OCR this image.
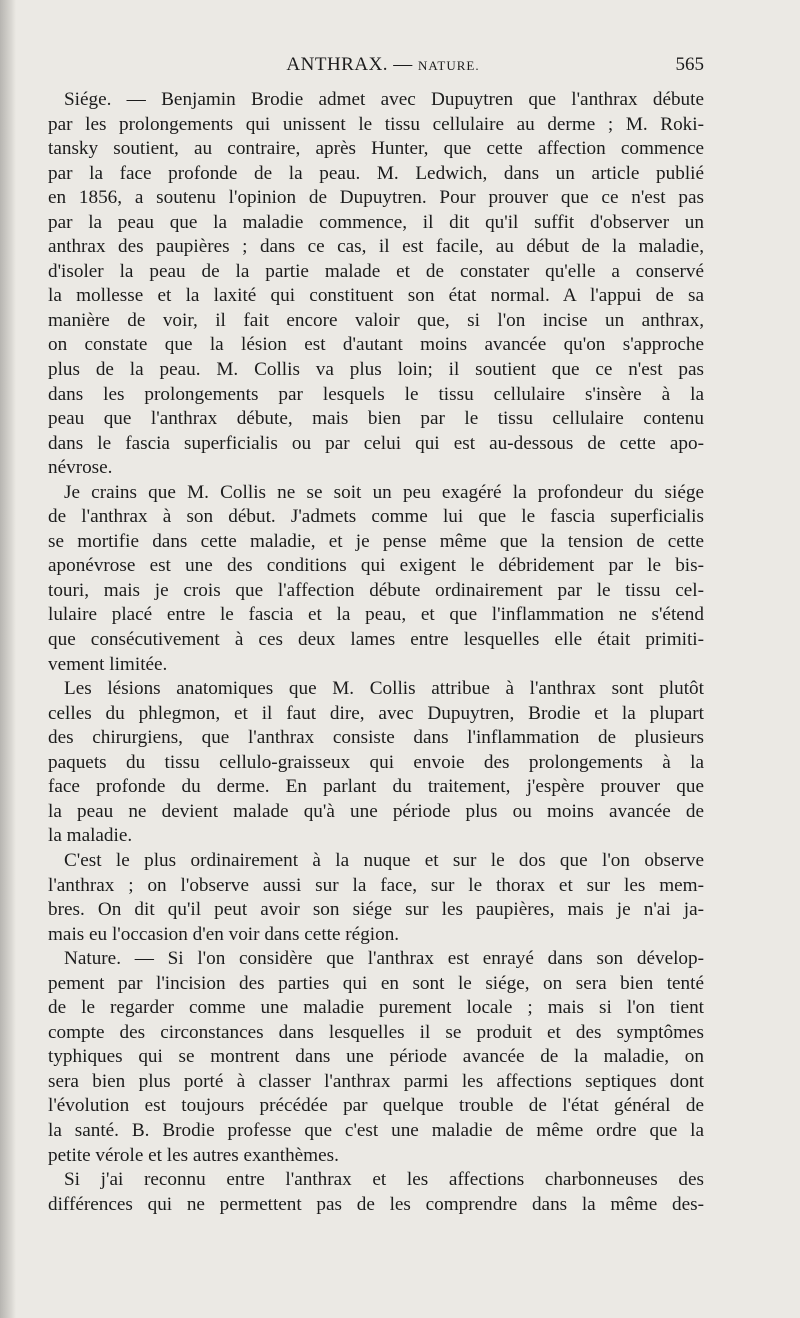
ANTHRAX. — NATURE.	565
Siége. — Benjamin Brodie admet avec Dupuytren que l'anthrax débute
par les prolongements qui unissent le tissu cellulaire au derme ; M. Roki-
tansky soutient, au contraire, après Hunter, que cette affection commence
par la face profonde de la peau. M. Ledwich, dans un article publié
en 1856, a soutenu l'opinion de Dupuytren. Pour prouver que ce n'est pas
par la peau que la maladie commence, il dit qu'il suffit d'observer un
anthrax des paupières ; dans ce cas, il est facile, au début de la maladie,
d'isoler la peau de la partie malade et de constater qu'elle a conservé
la mollesse et la laxité qui constituent son état normal. A l'appui de sa
manière de voir, il fait encore valoir que, si l'on incise un anthrax,
on constate que la lésion est d'autant moins avancée qu'on s'approche
plus de la peau. M. Collis va plus loin; il soutient que ce n'est pas
dans les prolongements par lesquels le tissu cellulaire s'insère à la
peau que l'anthrax débute, mais bien par le tissu cellulaire contenu
dans le fascia superficialis ou par celui qui est au-dessous de cette apo-
névrose.
Je crains que M. Collis ne se soit un peu exagéré la profondeur du siége
de l'anthrax à son début. J'admets comme lui que le fascia superficialis
se mortifie dans cette maladie, et je pense même que la tension de cette
aponévrose est une des conditions qui exigent le débridement par le bis-
touri, mais je crois que l'affection débute ordinairement par le tissu cel-
lulaire placé entre le fascia et la peau, et que l'inflammation ne s'étend
que consécutivement à ces deux lames entre lesquelles elle était primiti-
vement limitée.
Les lésions anatomiques que M. Collis attribue à l'anthrax sont plutôt
celles du phlegmon, et il faut dire, avec Dupuytren, Brodie et la plupart
des chirurgiens, que l'anthrax consiste dans l'inflammation de plusieurs
paquets du tissu cellulo-graisseux qui envoie des prolongements à la
face profonde du derme. En parlant du traitement, j'espère prouver que
la peau ne devient malade qu'à une période plus ou moins avancée de
la maladie.
C'est le plus ordinairement à la nuque et sur le dos que l'on observe
l'anthrax ; on l'observe aussi sur la face, sur le thorax et sur les mem-
bres. On dit qu'il peut avoir son siége sur les paupières, mais je n'ai ja-
mais eu l'occasion d'en voir dans cette région.
Nature. — Si l'on considère que l'anthrax est enrayé dans son dévelop-
pement par l'incision des parties qui en sont le siége, on sera bien tenté
de le regarder comme une maladie purement locale ; mais si l'on tient
compte des circonstances dans lesquelles il se produit et des symptômes
typhiques qui se montrent dans une période avancée de la maladie, on
sera bien plus porté à classer l'anthrax parmi les affections septiques dont
l'évolution est toujours précédée par quelque trouble de l'état général de
la santé. B. Brodie professe que c'est une maladie de même ordre que la
petite vérole et les autres exanthèmes.
Si j'ai reconnu entre l'anthrax et les affections charbonneuses des
différences qui ne permettent pas de les comprendre dans la même des-
